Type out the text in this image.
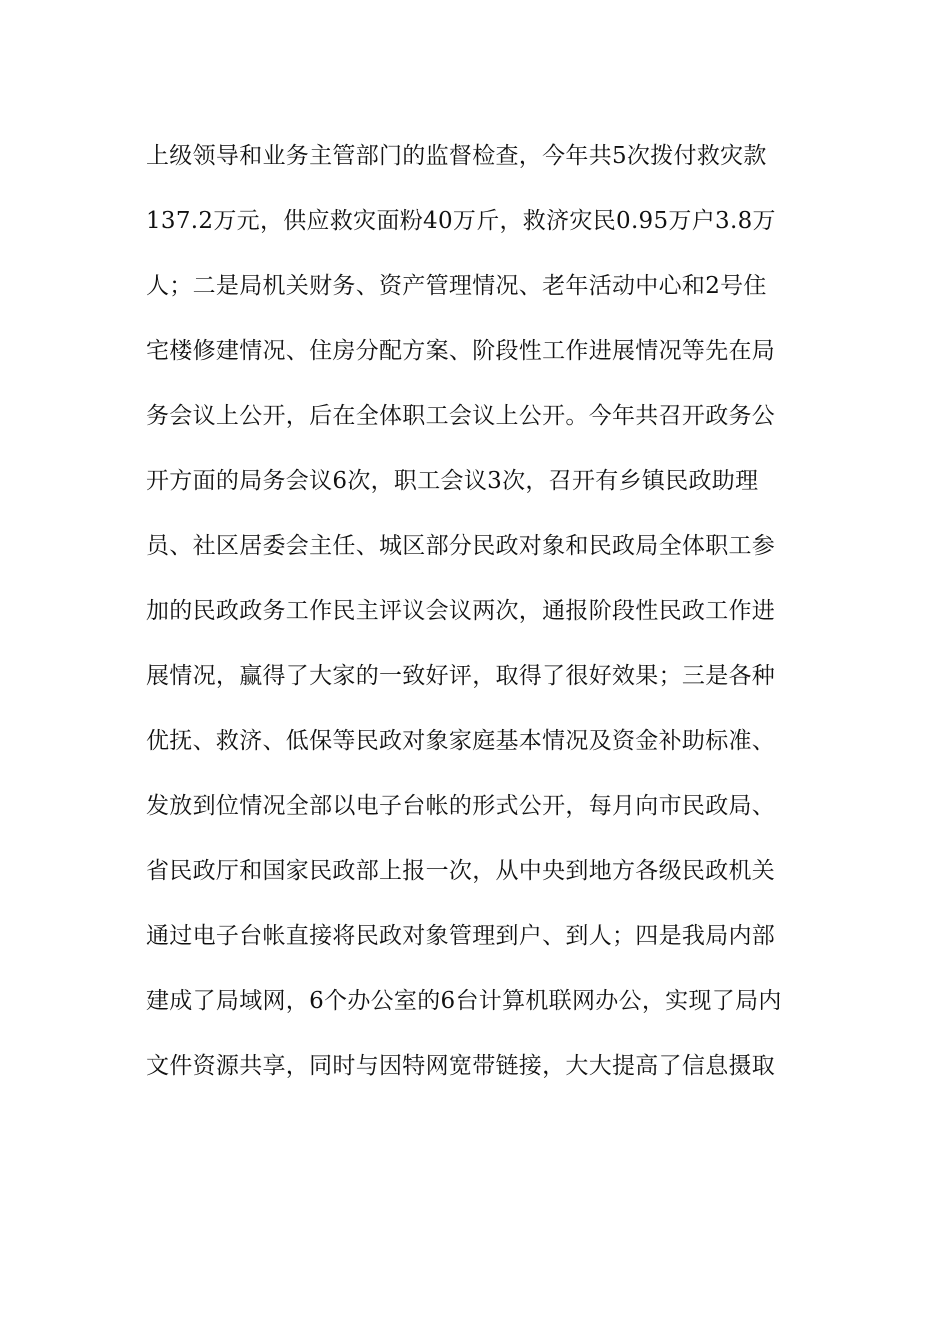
上级领导和业务主管部门的监督检查，今年共5次拨付救灾款
137.2万元，供应救灾面粉40万斤，救济灾民0.95万户3.8万
人；二是局机关财务、资产管理情况、老年活动中心和2号住
宅楼修建情况、住房分配方案、阶段性工作进展情况等先在局
务会议上公开，后在全体职工会议上公开。今年共召开政务公
开方面的局务会议6次，职工会议3次，召开有乡镇民政助理
员、社区居委会主任、城区部分民政对象和民政局全体职工参
加的民政政务工作民主评议会议两次，通报阶段性民政工作进
展情况，赢得了大家的一致好评，取得了很好效果；三是各种
优抚、救济、低保等民政对象家庭基本情况及资金补助标准、
发放到位情况全部以电子台帐的形式公开，每月向市民政局、
省民政厅和国家民政部上报一次，从中央到地方各级民政机关
通过电子台帐直接将民政对象管理到户、到人；四是我局内部
建成了局域网，6个办公室的6台计算机联网办公，实现了局内
文件资源共享，同时与因特网宽带链接，大大提高了信息摄取
